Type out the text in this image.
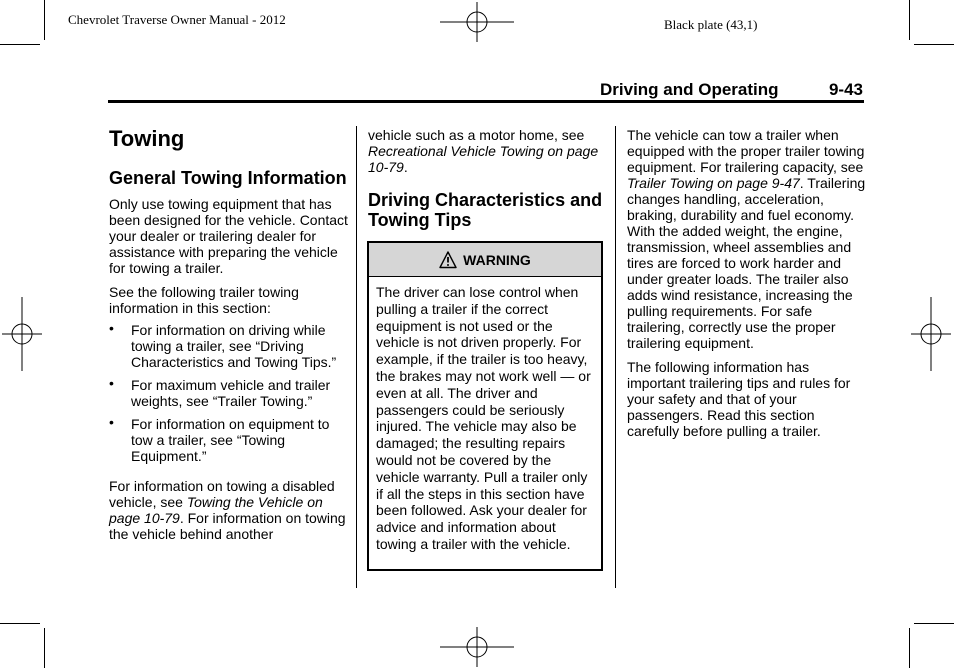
Chevrolet Traverse Owner Manual - 2012	Black plate (43,1)
Driving and Operating	9-43
Towing
General Towing Information

Only use towing equipment that has been designed for the vehicle. Contact your dealer or trailering dealer for assistance with preparing the vehicle for towing a trailer.

See the following trailer towing information in this section:

• For information on driving while towing a trailer, see “Driving Characteristics and Towing Tips.”
• For maximum vehicle and trailer weights, see “Trailer Towing.”
• For information on equipment to tow a trailer, see “Towing Equipment.”

For information on towing a disabled vehicle, see Towing the Vehicle on page 10-79. For information on towing the vehicle behind another

vehicle such as a motor home, see Recreational Vehicle Towing on page 10-79.

Driving Characteristics and Towing Tips
WARNING
The driver can lose control when pulling a trailer if the correct equipment is not used or the vehicle is not driven properly. For example, if the trailer is too heavy, the brakes may not work well — or even at all. The driver and passengers could be seriously injured. The vehicle may also be damaged; the resulting repairs would not be covered by the vehicle warranty. Pull a trailer only if all the steps in this section have been followed. Ask your dealer for advice and information about towing a trailer with the vehicle.

The vehicle can tow a trailer when equipped with the proper trailer towing equipment. For trailering capacity, see Trailer Towing on page 9-47. Trailering changes handling, acceleration, braking, durability and fuel economy. With the added weight, the engine, transmission, wheel assemblies and tires are forced to work harder and under greater loads. The trailer also adds wind resistance, increasing the pulling requirements. For safe trailering, correctly use the proper trailering equipment.

The following information has important trailering tips and rules for your safety and that of your passengers. Read this section carefully before pulling a trailer.
